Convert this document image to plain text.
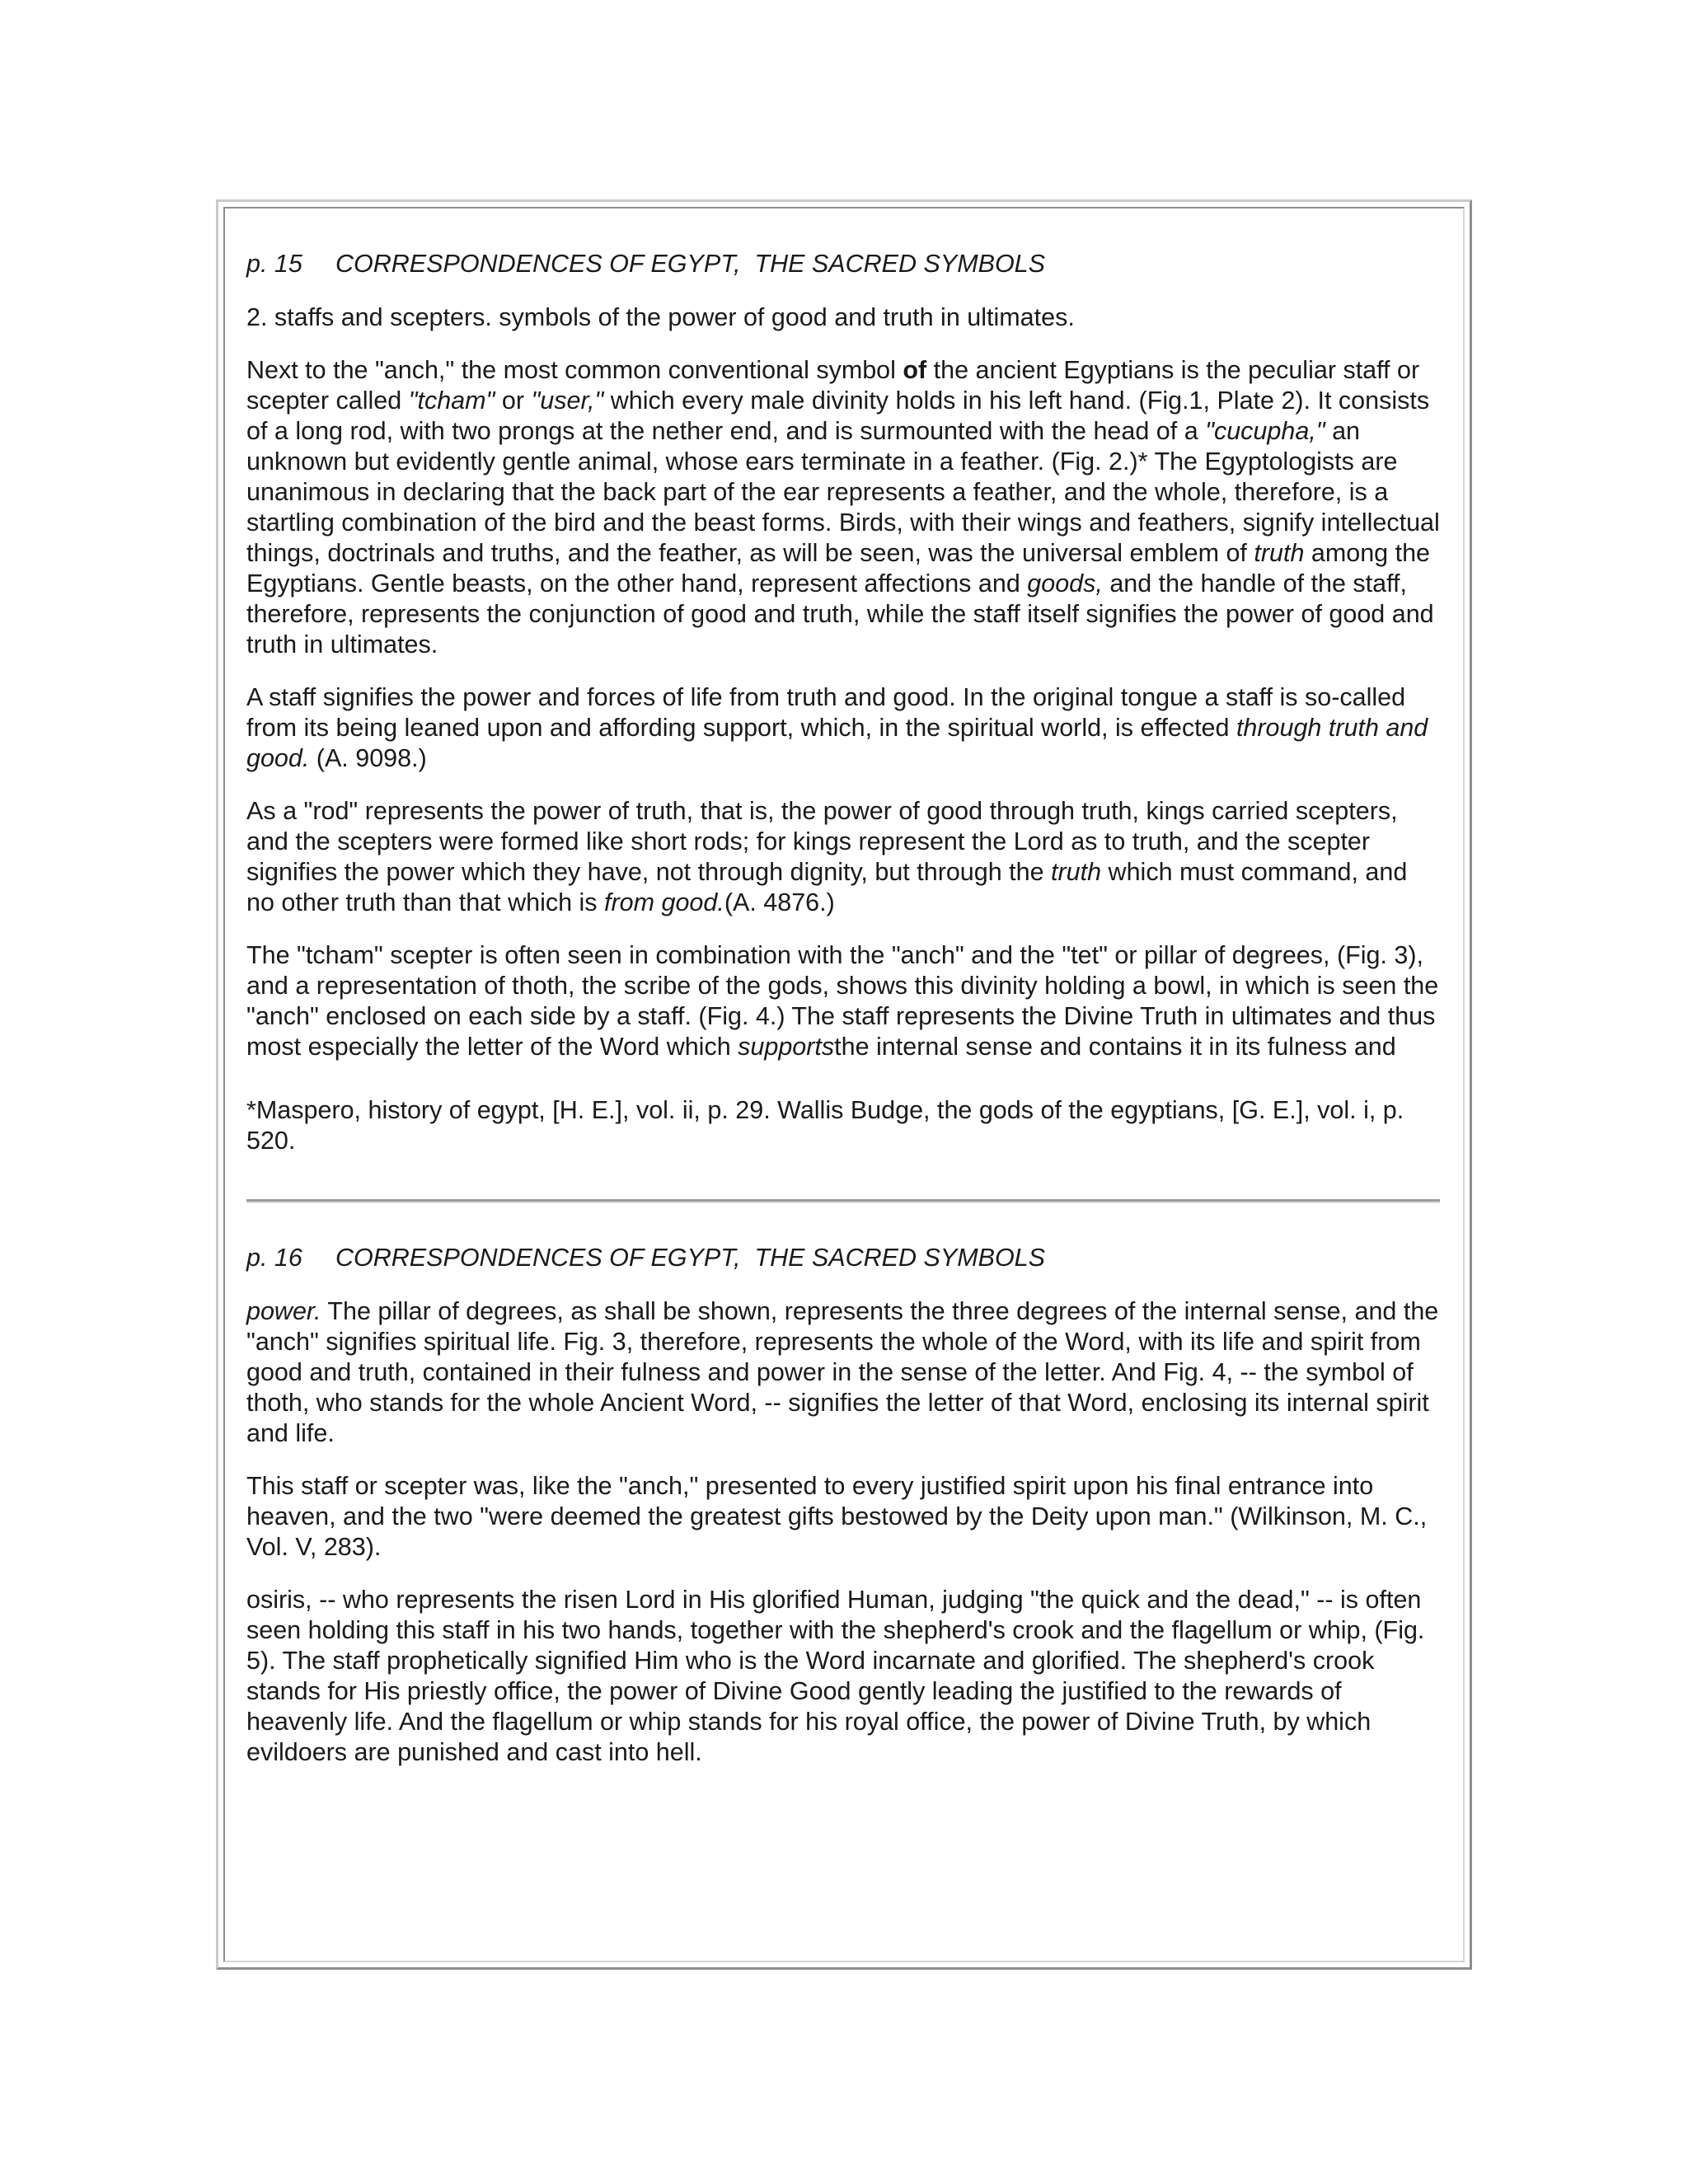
p. 15 CORRESPONDENCES OF EGYPT,  THE SACRED SYMBOLS

2. staffs and scepters. symbols of the power of good and truth in ultimates.

Next to the "anch," the most common conventional symbol of the ancient Egyptians is the peculiar staff or scepter called "tcham" or "user," which every male divinity holds in his left hand. (Fig.1, Plate 2). It consists of a long rod, with two prongs at the nether end, and is surmounted with the head of a "cucupha," an unknown but evidently gentle animal, whose ears terminate in a feather. (Fig. 2.)* The Egyptologists are unanimous in declaring that the back part of the ear represents a feather, and the whole, therefore, is a startling combination of the bird and the beast forms. Birds, with their wings and feathers, signify intellectual things, doctrinals and truths, and the feather, as will be seen, was the universal emblem of truth among the Egyptians. Gentle beasts, on the other hand, represent affections and goods, and the handle of the staff, therefore, represents the conjunction of good and truth, while the staff itself signifies the power of good and truth in ultimates.

A staff signifies the power and forces of life from truth and good. In the original tongue a staff is so-called from its being leaned upon and affording support, which, in the spiritual world, is effected through truth and good. (A. 9098.)

As a "rod" represents the power of truth, that is, the power of good through truth, kings carried scepters, and the scepters were formed like short rods; for kings represent the Lord as to truth, and the scepter signifies the power which they have, not through dignity, but through the truth which must command, and no other truth than that which is from good.(A. 4876.)

The "tcham" scepter is often seen in combination with the "anch" and the "tet" or pillar of degrees, (Fig. 3), and a representation of thoth, the scribe of the gods, shows this divinity holding a bowl, in which is seen the "anch" enclosed on each side by a staff. (Fig. 4.) The staff represents the Divine Truth in ultimates and thus most especially the letter of the Word which supportsthe internal sense and contains it in its fulness and

*Maspero, history of egypt, [H. E.], vol. ii, p. 29. Wallis Budge, the gods of the egyptians, [G. E.], vol. i, p. 520.

p. 16 CORRESPONDENCES OF EGYPT,  THE SACRED SYMBOLS

power. The pillar of degrees, as shall be shown, represents the three degrees of the internal sense, and the "anch" signifies spiritual life. Fig. 3, therefore, represents the whole of the Word, with its life and spirit from good and truth, contained in their fulness and power in the sense of the letter. And Fig. 4, -- the symbol of thoth, who stands for the whole Ancient Word, -- signifies the letter of that Word, enclosing its internal spirit and life.

This staff or scepter was, like the "anch," presented to every justified spirit upon his final entrance into heaven, and the two "were deemed the greatest gifts bestowed by the Deity upon man." (Wilkinson, M. C., Vol. V, 283).

osiris, -- who represents the risen Lord in His glorified Human, judging "the quick and the dead," -- is often seen holding this staff in his two hands, together with the shepherd's crook and the flagellum or whip, (Fig. 5). The staff prophetically signified Him who is the Word incarnate and glorified. The shepherd's crook stands for His priestly office, the power of Divine Good gently leading the justified to the rewards of heavenly life. And the flagellum or whip stands for his royal office, the power of Divine Truth, by which evildoers are punished and cast into hell.
